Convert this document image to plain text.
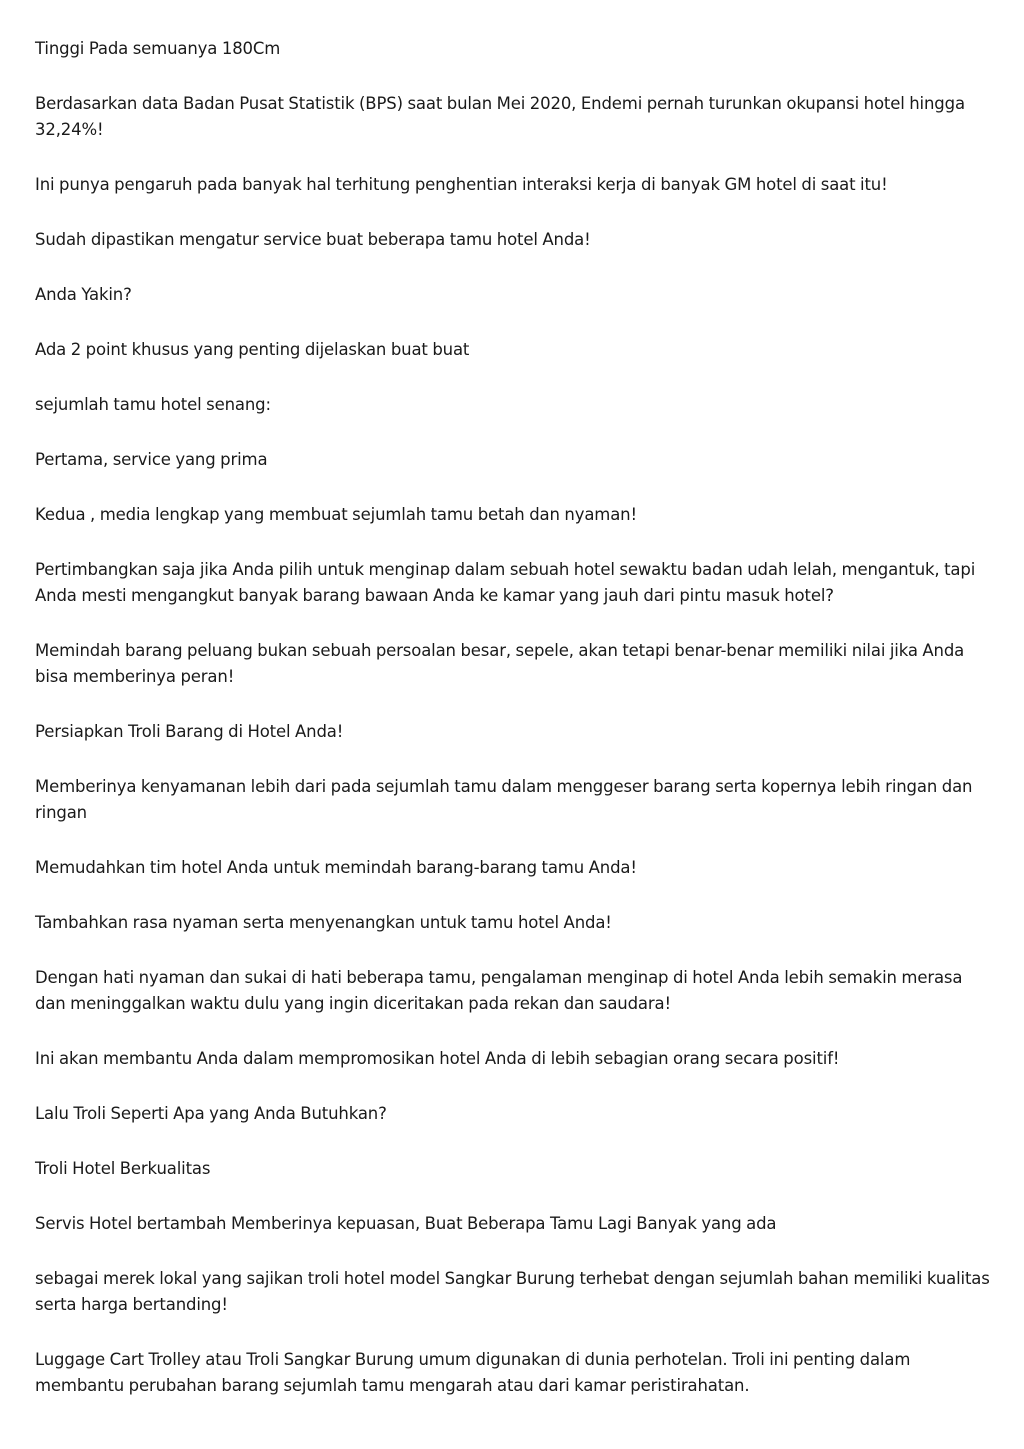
Tinggi Pada semuanya 180Cm

Berdasarkan data Badan Pusat Statistik (BPS) saat bulan Mei 2020, Endemi pernah turunkan okupansi hotel hingga 32,24%!

Ini punya pengaruh pada banyak hal terhitung penghentian interaksi kerja di banyak GM hotel di saat itu!

Sudah dipastikan mengatur service buat beberapa tamu hotel Anda!

Anda Yakin?

Ada 2 point khusus yang penting dijelaskan buat buat

sejumlah tamu hotel senang:

Pertama, service yang prima

Kedua , media lengkap yang membuat sejumlah tamu betah dan nyaman!

Pertimbangkan saja jika Anda pilih untuk menginap dalam sebuah hotel sewaktu badan udah lelah, mengantuk, tapi Anda mesti mengangkut banyak barang bawaan Anda ke kamar yang jauh dari pintu masuk hotel?

Memindah barang peluang bukan sebuah persoalan besar, sepele, akan tetapi benar-benar memiliki nilai jika Anda bisa memberinya peran!

Persiapkan Troli Barang di Hotel Anda!

Memberinya kenyamanan lebih dari pada sejumlah tamu dalam menggeser barang serta kopernya lebih ringan dan ringan

Memudahkan tim hotel Anda untuk memindah barang-barang tamu Anda!

Tambahkan rasa nyaman serta menyenangkan untuk tamu hotel Anda!

Dengan hati nyaman dan sukai di hati beberapa tamu, pengalaman menginap di hotel Anda lebih semakin merasa dan meninggalkan waktu dulu yang ingin diceritakan pada rekan dan saudara!

Ini akan membantu Anda dalam mempromosikan hotel Anda di lebih sebagian orang secara positif!

Lalu Troli Seperti Apa yang Anda Butuhkan?

Troli Hotel Berkualitas

Servis Hotel bertambah Memberinya kepuasan, Buat Beberapa Tamu Lagi Banyak yang ada

sebagai merek lokal yang sajikan troli hotel model Sangkar Burung terhebat dengan sejumlah bahan memiliki kualitas serta harga bertanding!

Luggage Cart Trolley atau Troli Sangkar Burung umum digunakan di dunia perhotelan. Troli ini penting dalam membantu perubahan barang sejumlah tamu mengarah atau dari kamar peristirahatan.
